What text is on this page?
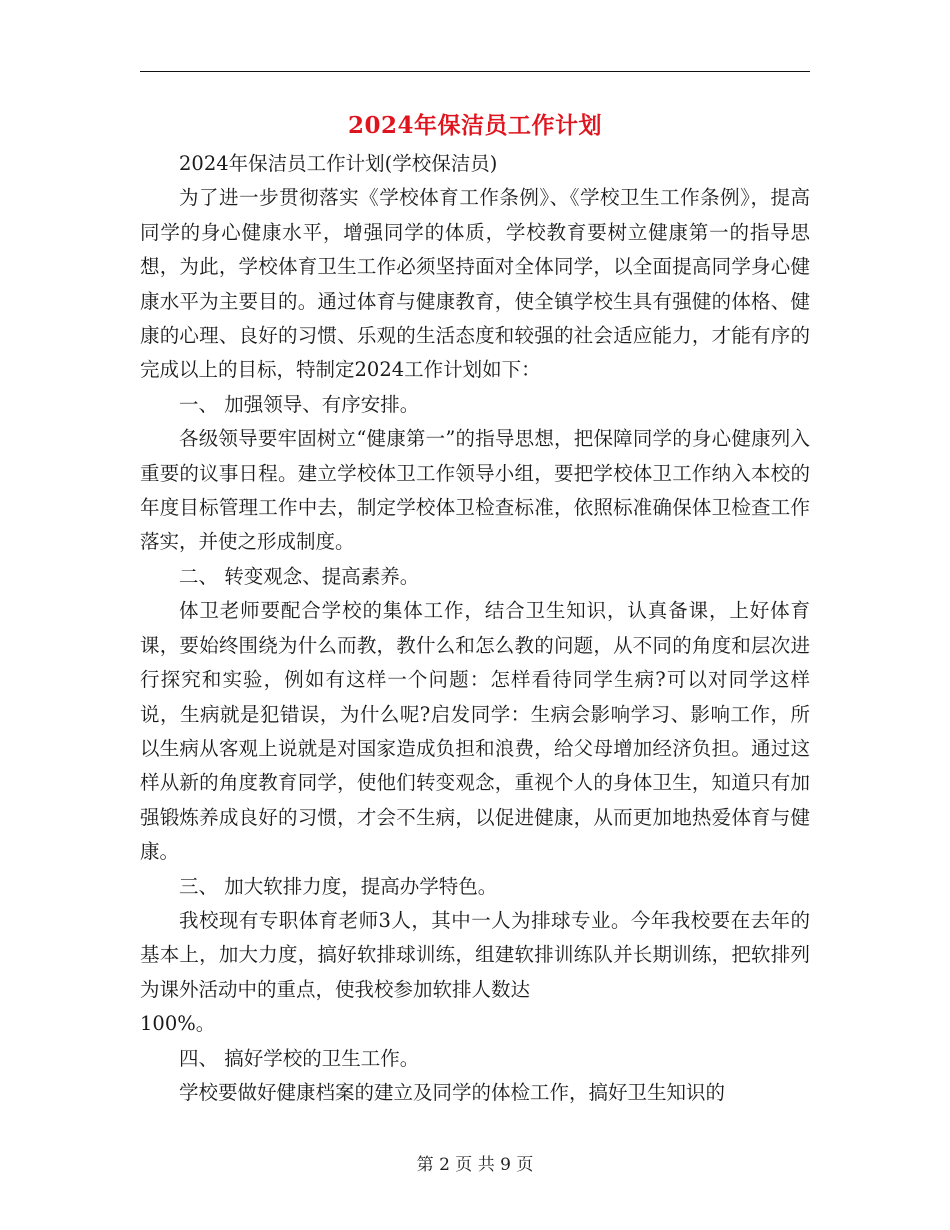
2024年保洁员工作计划

2024年保洁员工作计划(学校保洁员)

为了进一步贯彻落实《学校体育工作条例》、《学校卫生工作条例》，提高同学的身心健康水平，增强同学的体质，学校教育要树立健康第一的指导思想，为此，学校体育卫生工作必须坚持面对全体同学，以全面提高同学身心健康水平为主要目的。通过体育与健康教育，使全镇学校生具有强健的体格、健康的心理、良好的习惯、乐观的生活态度和较强的社会适应能力，才能有序的完成以上的目标，特制定2024工作计划如下：

一、 加强领导、有序安排。

各级领导要牢固树立“健康第一”的指导思想，把保障同学的身心健康列入重要的议事日程。建立学校体卫工作领导小组，要把学校体卫工作纳入本校的年度目标管理工作中去，制定学校体卫检查标准，依照标准确保体卫检查工作落实，并使之形成制度。

二、 转变观念、提高素养。

体卫老师要配合学校的集体工作，结合卫生知识，认真备课，上好体育课，要始终围绕为什么而教，教什么和怎么教的问题，从不同的角度和层次进行探究和实验，例如有这样一个问题：怎样看待同学生病?可以对同学这样说，生病就是犯错误，为什么呢?启发同学：生病会影响学习、影响工作，所以生病从客观上说就是对国家造成负担和浪费，给父母增加经济负担。通过这样从新的角度教育同学，使他们转变观念，重视个人的身体卫生，知道只有加强锻炼养成良好的习惯，才会不生病，以促进健康，从而更加地热爱体育与健康。

三、 加大软排力度，提高办学特色。

我校现有专职体育老师3人，其中一人为排球专业。今年我校要在去年的基本上，加大力度，搞好软排球训练，组建软排训练队并长期训练，把软排列为课外活动中的重点，使我校参加软排人数达

100%。

四、 搞好学校的卫生工作。

学校要做好健康档案的建立及同学的体检工作，搞好卫生知识的

第 2 页 共 9 页
